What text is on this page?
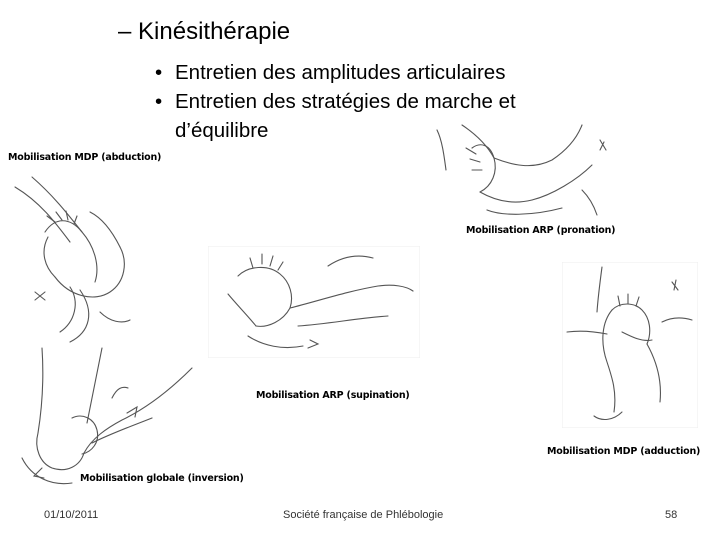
– Kinésithérapie
• Entretien des amplitudes articulaires
• Entretien des stratégies de marche et d’équilibre
Mobilisation MDP (abduction)
Mobilisation ARP (pronation)
Mobilisation ARP (supination)
Mobilisation MDP (adduction)
Mobilisation globale (inversion)
01/10/2011	Société française de Phlébologie	58
